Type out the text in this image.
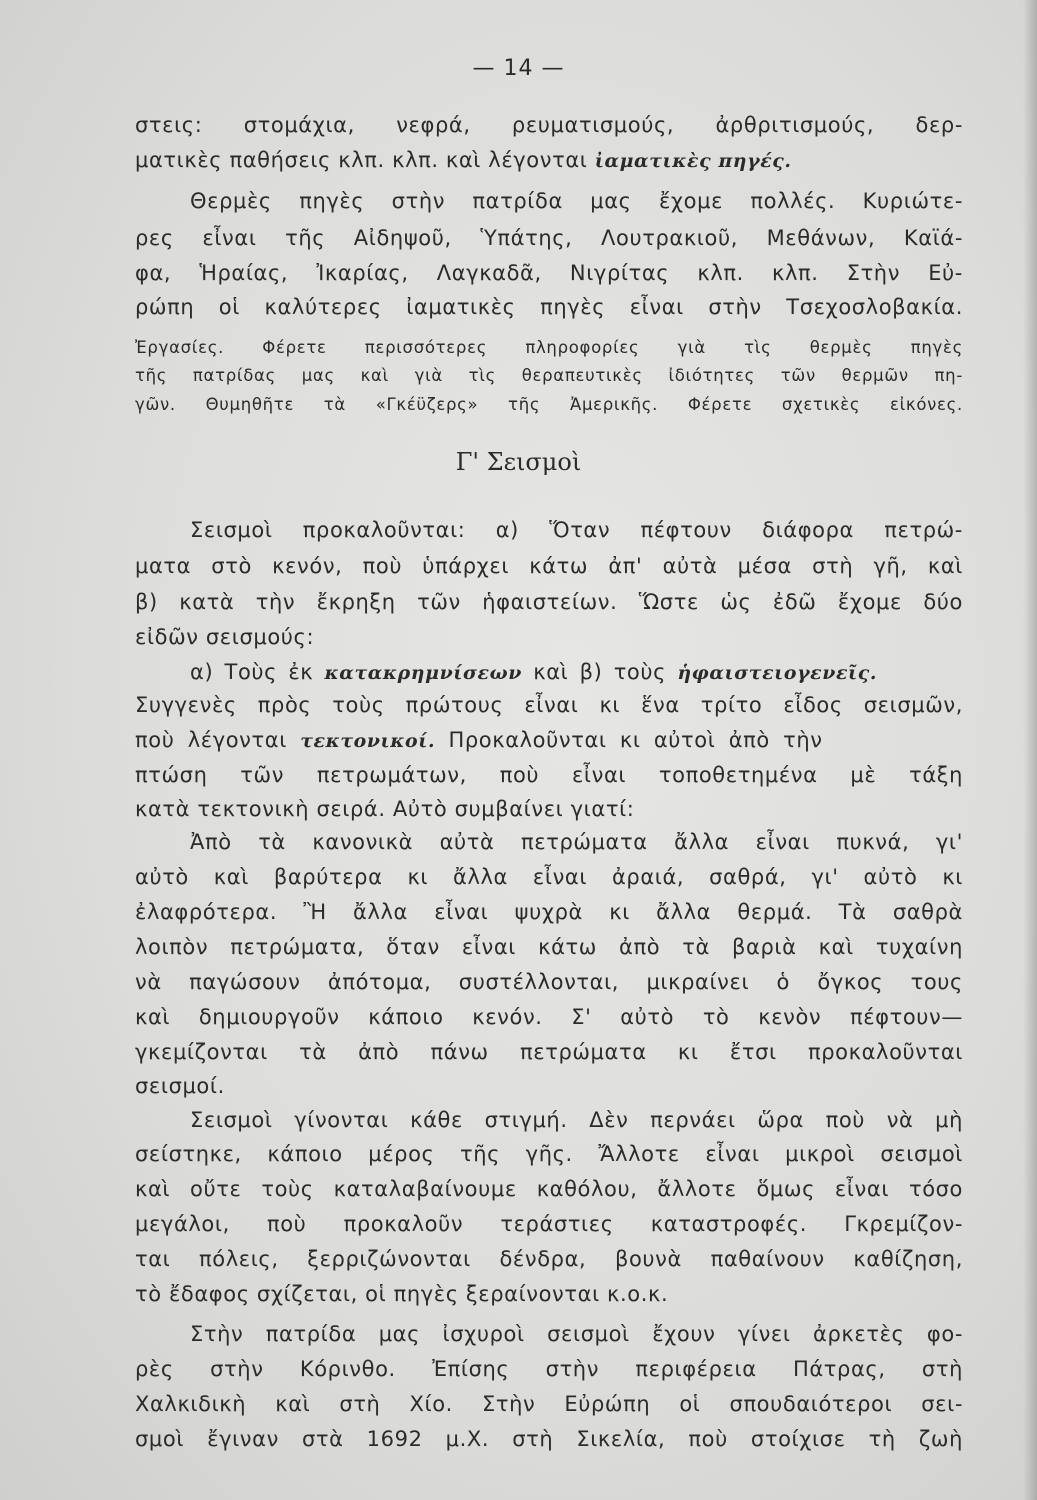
— 14 —
στεις: στομάχια, νεφρά, ρευματισμούς, ἀρθριτισμούς, δερ-
ματικὲς παθήσεις κλπ. κλπ. καὶ λέγονται ἰαματικὲς πηγές.
Θερμὲς πηγὲς στὴν πατρίδα μας ἔχομε πολλές. Κυριώτε-
ρες εἶναι τῆς Αἰδηψοῦ, Ὑπάτης, Λουτρακιοῦ, Μεθάνων, Καϊά-
φα, Ἡραίας, Ἰκαρίας, Λαγκαδᾶ, Νιγρίτας κλπ. κλπ. Στὴν Εὐ-
ρώπη οἱ καλύτερες ἰαματικὲς πηγὲς εἶναι στὴν Τσεχοσλοβακία.
Ἐργασίες. Φέρετε περισσότερες πληροφορίες γιὰ τὶς θερμὲς πηγὲς
τῆς πατρίδας μας καὶ γιὰ τὶς θεραπευτικὲς ἰδιότητες τῶν θερμῶν πη-
γῶν. Θυμηθῆτε τὰ «Γκέϋζερς» τῆς Ἀμερικῆς. Φέρετε σχετικὲς εἰκόνες.
Γ' Σεισμοὶ
Σεισμοὶ προκαλοῦνται: α) Ὅταν πέφτουν διάφορα πετρώ-
ματα στὸ κενόν, ποὺ ὑπάρχει κάτω ἀπ' αὐτὰ μέσα στὴ γῆ, καὶ
β) κατὰ τὴν ἔκρηξη τῶν ἡφαιστείων. Ὥστε ὡς ἐδῶ ἔχομε δύο
εἰδῶν σεισμούς:
α) Τοὺς ἐκ κατακρημνίσεων καὶ β) τοὺς ἡφαιστειογενεῖς.
Συγγενὲς πρὸς τοὺς πρώτους εἶναι κι ἕνα τρίτο εἶδος σεισμῶν,
ποὺ λέγονται τεκτονικοί. Προκαλοῦνται κι αὐτοὶ ἀπὸ τὴν
πτώση τῶν πετρωμάτων, ποὺ εἶναι τοποθετημένα μὲ τάξη
κατὰ τεκτονικὴ σειρά. Αὐτὸ συμβαίνει γιατί:
Ἀπὸ τὰ κανονικὰ αὐτὰ πετρώματα ἄλλα εἶναι πυκνά, γι'
αὐτὸ καὶ βαρύτερα κι ἄλλα εἶναι ἀραιά, σαθρά, γι' αὐτὸ κι
ἐλαφρότερα. Ἢ ἄλλα εἶναι ψυχρὰ κι ἄλλα θερμά. Τὰ σαθρὰ
λοιπὸν πετρώματα, ὅταν εἶναι κάτω ἀπὸ τὰ βαριὰ καὶ τυχαίνη
νὰ παγώσουν ἀπότομα, συστέλλονται, μικραίνει ὁ ὄγκος τους
καὶ δημιουργοῦν κάποιο κενόν. Σ' αὐτὸ τὸ κενὸν πέφτουν—
γκεμίζονται τὰ ἀπὸ πάνω πετρώματα κι ἔτσι προκαλοῦνται
σεισμοί.
Σεισμοὶ γίνονται κάθε στιγμή. Δὲν περνάει ὥρα ποὺ νὰ μὴ
σείστηκε, κάποιο μέρος τῆς γῆς. Ἄλλοτε εἶναι μικροὶ σεισμοὶ
καὶ οὔτε τοὺς καταλαβαίνουμε καθόλου, ἄλλοτε ὅμως εἶναι τόσο
μεγάλοι, ποὺ προκαλοῦν τεράστιες καταστροφές. Γκρεμίζον-
ται πόλεις, ξερριζώνονται δένδρα, βουνὰ παθαίνουν καθίζηση,
τὸ ἔδαφος σχίζεται, οἱ πηγὲς ξεραίνονται κ.ο.κ.
Στὴν πατρίδα μας ἰσχυροὶ σεισμοὶ ἔχουν γίνει ἀρκετὲς φο-
ρὲς στὴν Κόρινθο. Ἐπίσης στὴν περιφέρεια Πάτρας, στὴ
Χαλκιδικὴ καὶ στὴ Χίο. Στὴν Εὐρώπη οἱ σπουδαιότεροι σει-
σμοὶ ἔγιναν στὰ 1692 μ.Χ. στὴ Σικελία, ποὺ στοίχισε τὴ ζωὴ
